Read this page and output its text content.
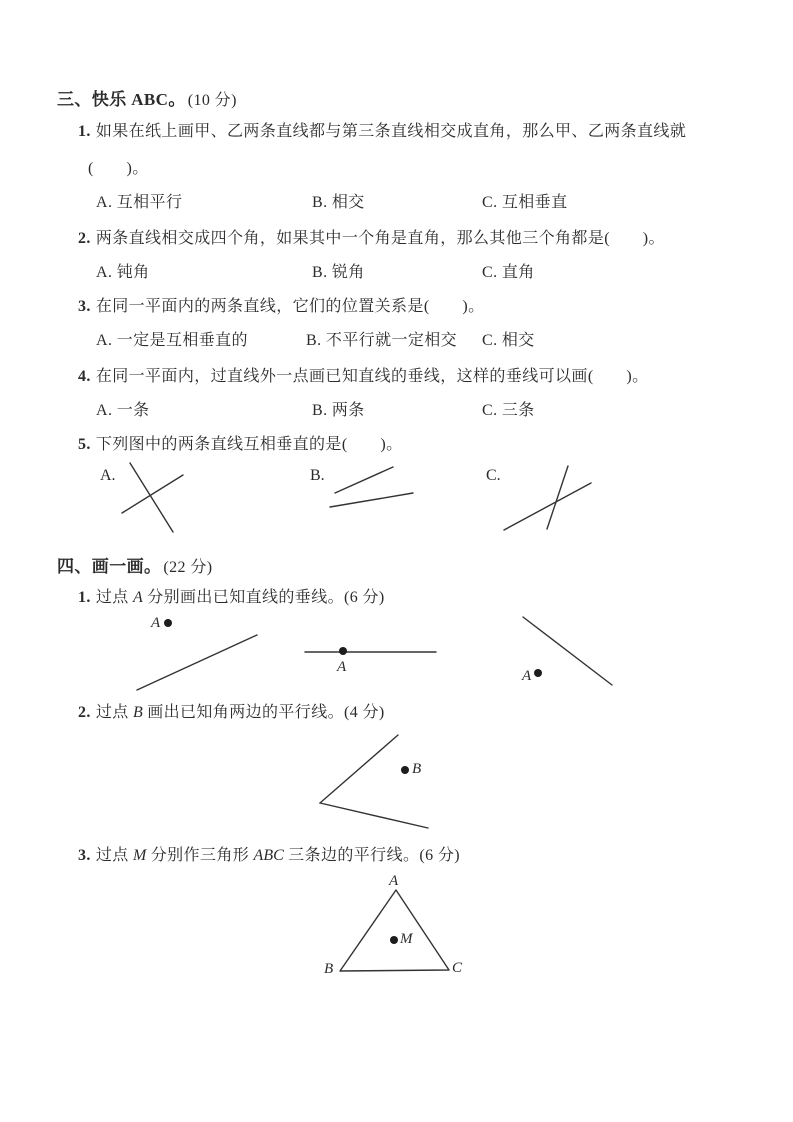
三、快乐 ABC。 (10 分)
1. 如果在纸上画甲、乙两条直线都与第三条直线相交成直角，那么甲、乙两条直线就
(　　)。
A. 互相平行	B. 相交	C. 互相垂直
2. 两条直线相交成四个角，如果其中一个角是直角，那么其他三个角都是(　　)。
A. 钝角	B. 锐角	C. 直角
3. 在同一平面内的两条直线，它们的位置关系是(　　)。
A. 一定是互相垂直的	B. 不平行就一定相交 C. 相交
4. 在同一平面内，过直线外一点画已知直线的垂线，这样的垂线可以画(　　)。
A. 一条	B. 两条	C. 三条
5. 下列图中的两条直线互相垂直的是(　　)。
A.	B.	C.
四、画一画。 (22 分)
1. 过点 A 分别画出已知直线的垂线。(6 分)
A
A
A
2. 过点 B 画出已知角两边的平行线。(4 分)
B
3. 过点 M 分别作三角形 ABC 三条边的平行线。(6 分)
A
B	C
M
